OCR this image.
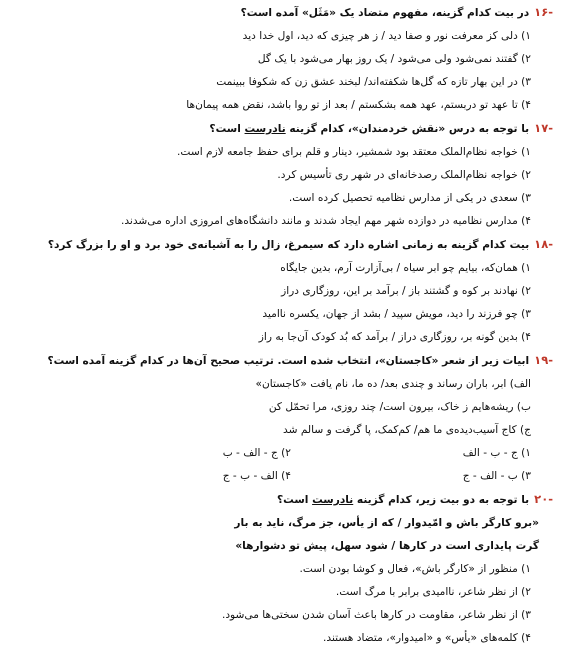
-۱۶
در بیت کدام گزینه، مفهوم متضاد یک «مَثَل» آمده است؟
۱) دلی کز معرفت نور و صفا دید / ز هر چیزی که دید، اول خدا دید
۲) گفتند نمی‌شود ولی می‌شود / یک روز بهار می‌شود با یک گل
۳) در این بهار تازه که گل‌ها شکفته‌اند/ لبخند عشق زن که شکوفا ببینمت
۴) تا عهد تو دربستم، عهد همه بشکستم / بعد از تو روا باشد، نقض همه پیمان‌ها
-۱۷
با توجه به درس «نقش خردمندان»، کدام گزینه نادرست است؟
۱) خواجه نظام‌الملک معتقد بود شمشیر، دینار و قلم برای حفظ جامعه لازم است.
۲) خواجه نظام‌الملک رصدخانه‌ای در شهر ری تأسیس کرد.
۳) سعدی در یکی از مدارس نظامیه تحصیل کرده است.
۴) مدارس نظامیه در دوازده شهر مهم ایجاد شدند و مانند دانشگاه‌های امروزی اداره می‌شدند.
-۱۸
بیت کدام گزینه به زمانی اشاره دارد که سیمرغ، زال را به آشیانه‌ی خود برد و او را بزرگ کرد؟
۱) همان‌که، بیایم چو ابر سیاه / بی‌آزارت آرم، بدین جایگاه
۲) نهادند بر کوه و گشتند باز / برآمد بر این، روزگاری دراز
۳) چو فرزند را دید، مویش سپید / بشد از جهان، یکسره ناامید
۴) بدین گونه بر، روزگاری دراز / برآمد که بُد کودک آن‌جا به راز
-۱۹
ابیات زیر از شعر «کاجستان»، انتخاب شده است. ترتیب صحیح آن‌ها در کدام گزینه آمده است؟
الف) ابر، باران رساند و چندی بعد/ ده ما، نام یافت «کاجستان»
ب) ریشه‌هایم ز خاک، بیرون است/ چند روزی، مرا تحمّل کن
ج) کاج آسیب‌دیده‌ی ما هم/ کم‌کمک، پا گرفت و سالم شد
۱) ج - ب - الف
۲) ج - الف - ب
۳) ب - الف - ج
۴) الف - ب - ج
-۲۰
با توجه به دو بیت زیر، کدام گزینه نادرست است؟
«برو کارگر باش و امّیدوار / که از یأس، جز مرگ، ناید به بار
گرت پایداری است در کارها / شود سهل، پیش تو دشوارها»
۱) منظور از «کارگر باش»، فعال و کوشا بودن است.
۲) از نظر شاعر، ناامیدی برابر با مرگ است.
۳) از نظر شاعر، مقاومت در کارها باعث آسان شدن سختی‌ها می‌شود.
۴) کلمه‌های «یأس» و «امیدوار»، متضاد هستند.
